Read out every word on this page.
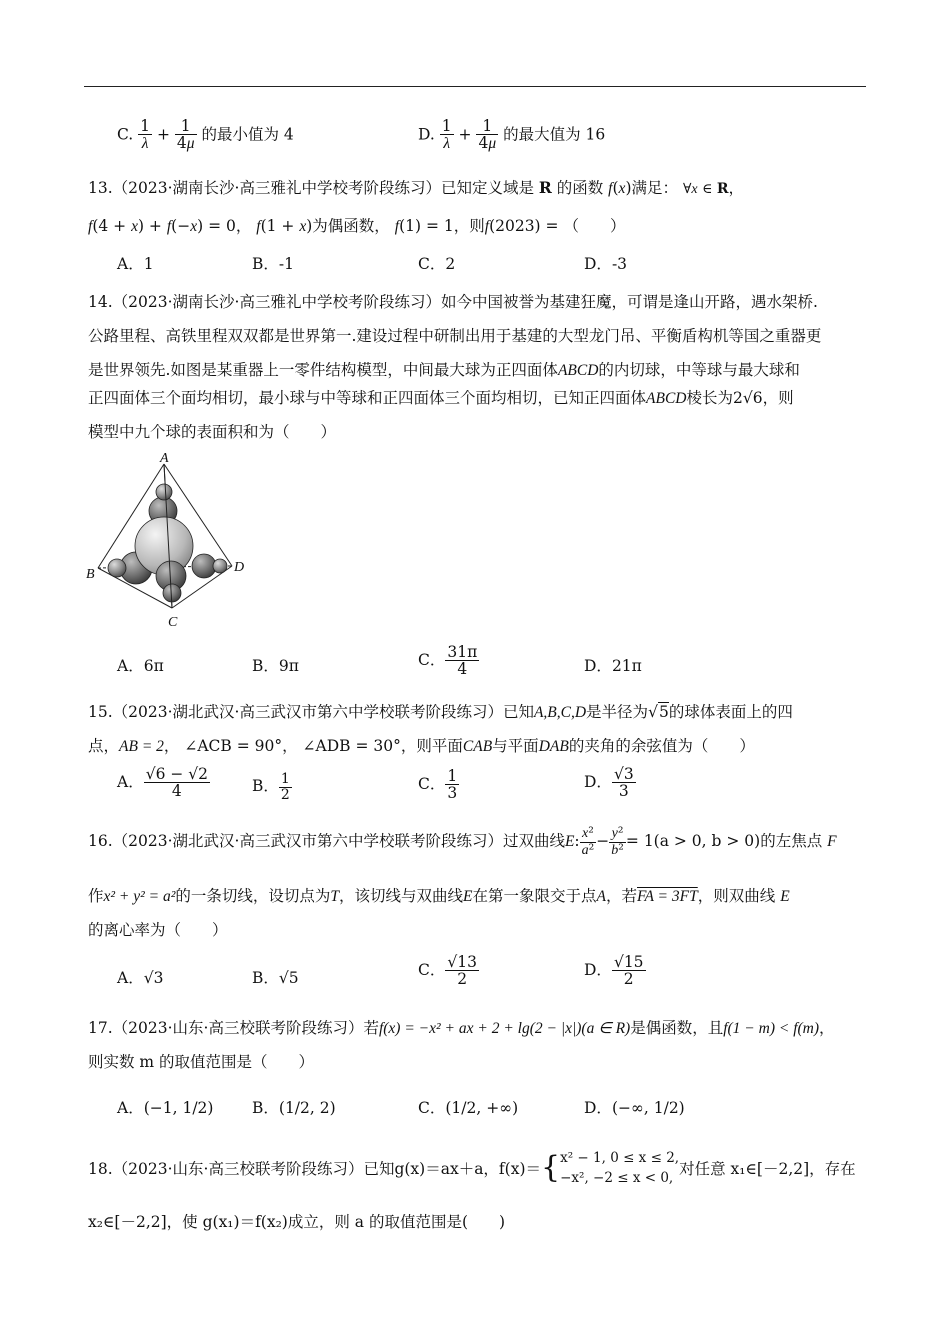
C. $\frac{1}{\lambda} + \frac{1}{4\mu}$ 的最小值为 4	D. $\frac{1}{\lambda} + \frac{1}{4\mu}$ 的最大值为 16
13.（2023·湖南长沙·高三雅礼中学校考阶段练习）已知定义域是 R 的函数 f(x)满足： ∀x ∈ R，
f(4 + x) + f(−x) = 0， f(1 + x)为偶函数， f(1) = 1，则f(2023) = （　　）
A．1	B．-1	C．2	D．-3
14.（2023·湖南长沙·高三雅礼中学校考阶段练习）如今中国被誉为基建狂魔，可谓是逢山开路，遇水架桥.
公路里程、高铁里程双双都是世界第一.建设过程中研制出用于基建的大型龙门吊、平衡盾构机等国之重器更
是世界领先.如图是某重器上一零件结构模型，中间最大球为正四面体ABCD的内切球，中等球与最大球和
正四面体三个面均相切，最小球与中等球和正四面体三个面均相切，已知正四面体ABCD棱长为2√6，则
模型中九个球的表面积和为（　　）
A
B
C
D
A．6π	B．9π	C． $\frac{31\pi}{4}$	D．21π
15.（2023·湖北武汉·高三武汉市第六中学校联考阶段练习）已知A,B,C,D是半径为√5的球体表面上的四
点，AB = 2， ∠ACB = 90°， ∠ADB = 30°，则平面CAB与平面DAB的夹角的余弦值为（　　）
A． $\frac{√6 - √2}{4}$	B． $\frac{1}{2}$	C． $\frac{1}{3}$	D． $\frac{√3}{3}$
16.（2023·湖北武汉·高三武汉市第六中学校联考阶段练习）过双曲线E: $\frac{\text{x²}}{\text{a²}} - \frac{\text{y²}}{\text{b²}} = 1(a > 0$, b > 0)的左焦点 F
作x² + y² = a²的一条切线，设切点为T，该切线与双曲线E在第一象限交于点A，若FA = 3FT，则双曲线 E
的离心率为（　　）
A．√3	B．√5	C． $\frac{√13}{2}$	D． $\frac{√15}{2}$
17.（2023·山东·高三校联考阶段练习）若f(x) = −x² + ax + 2 + lg(2 − |x|)(a ∈ R)是偶函数，且f(1 − m) < f(m)，
则实数 m 的取值范围是（　　）
A．(−1, 1/2) B．(1/2, 2)	C．(1/2, +∞)	D．(−∞, 1/2)
18.（2023·山东·高三校联考阶段练习）已知g(x)＝ax＋a，f(x)＝{ x² − 1, 0 ≤ x ≤ 2,
−x², −2 ≤ x < 0, 对任意 x₁∈[－2,2]，存在
x₂∈[－2,2]，使 g(x₁)＝f(x₂)成立，则 a 的取值范围是(　　)
